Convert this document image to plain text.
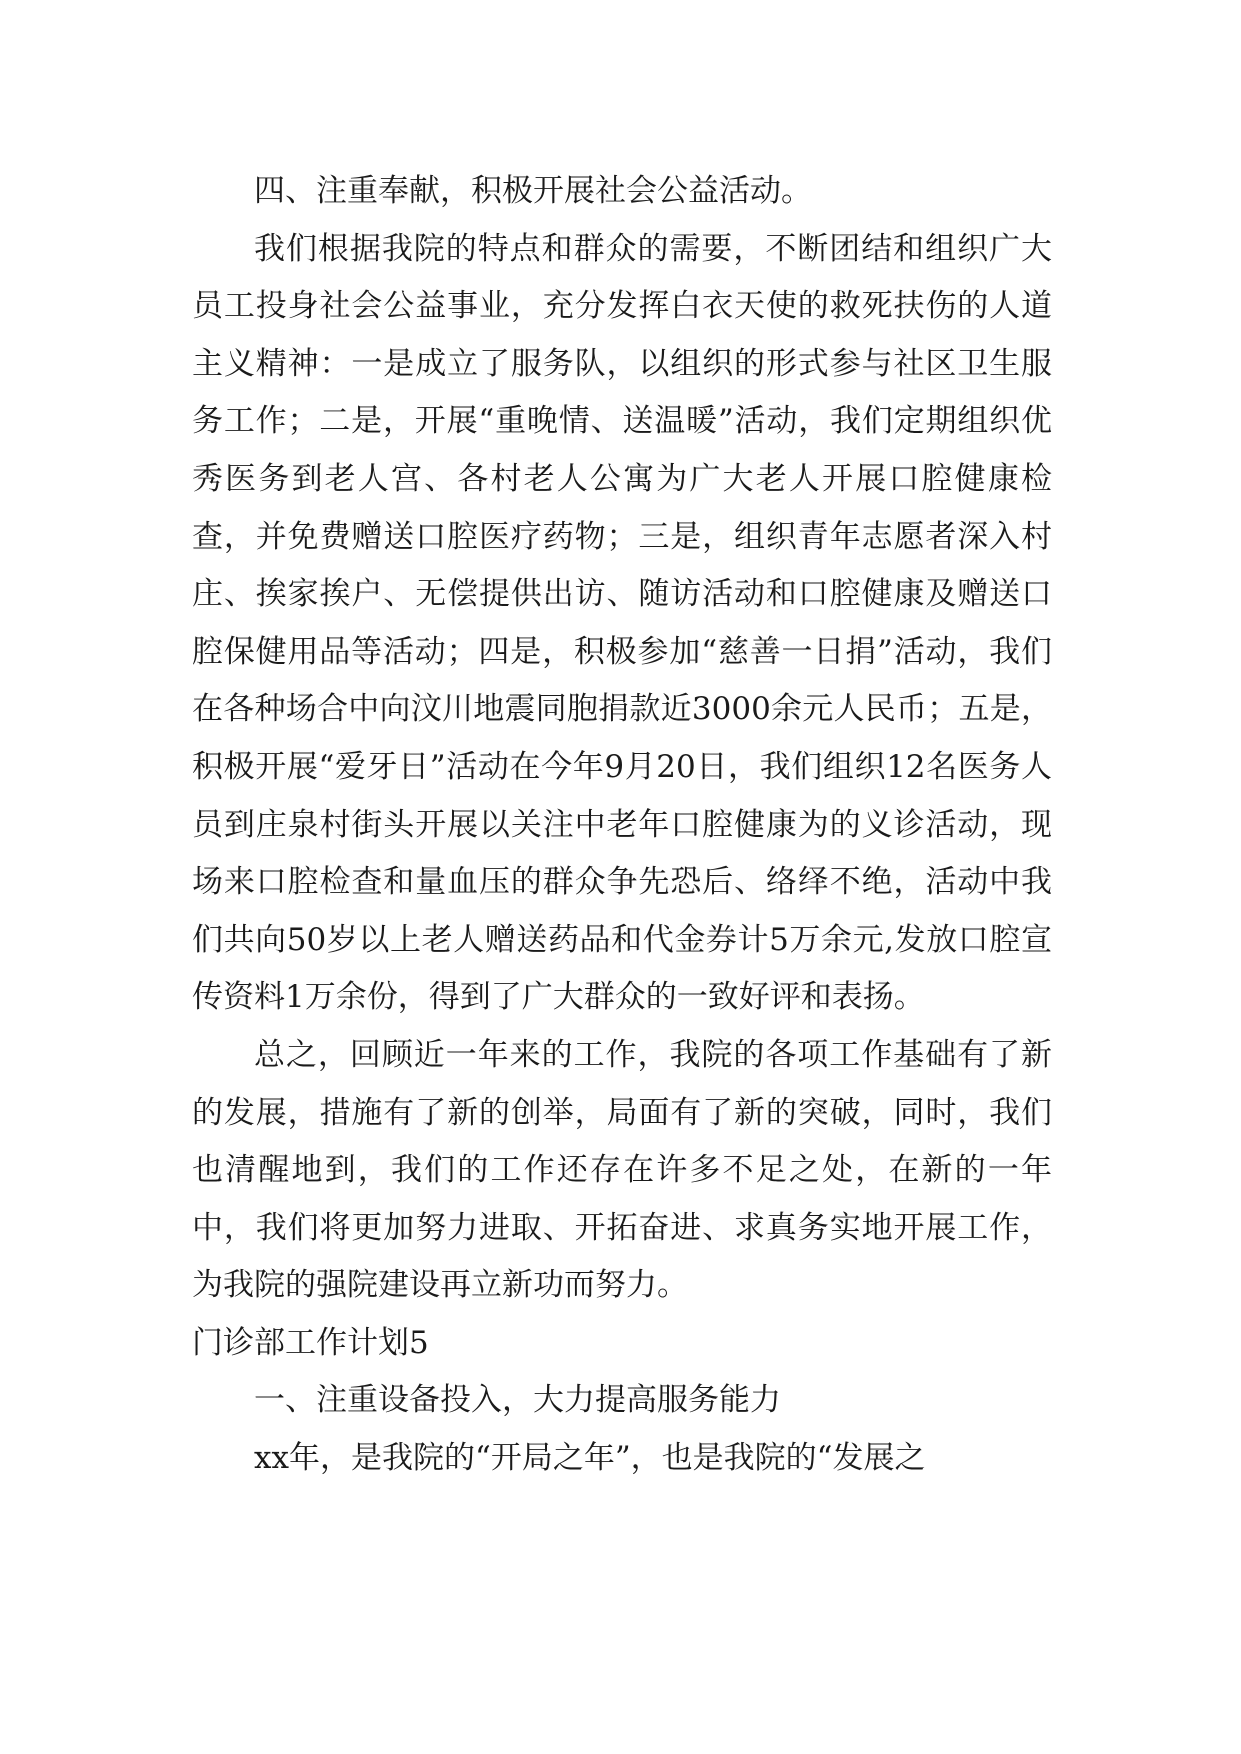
四、注重奉献，积极开展社会公益活动。

我们根据我院的特点和群众的需要，不断团结和组织广大员工投身社会公益事业，充分发挥白衣天使的救死扶伤的人道主义精神：一是成立了服务队，以组织的形式参与社区卫生服务工作；二是，开展“重晚情、送温暖”活动，我们定期组织优秀医务到老人宫、各村老人公寓为广大老人开展口腔健康检查，并免费赠送口腔医疗药物；三是，组织青年志愿者深入村庄、挨家挨户、无偿提供出访、随访活动和口腔健康及赠送口腔保健用品等活动；四是，积极参加“慈善一日捐”活动，我们在各种场合中向汶川地震同胞捐款近3000余元人民币；五是，积极开展“爱牙日”活动在今年9月20日，我们组织12名医务人员到庄泉村街头开展以关注中老年口腔健康为的义诊活动，现场来口腔检查和量血压的群众争先恐后、络绎不绝，活动中我们共向50岁以上老人赠送药品和代金券计5万余元,发放口腔宣传资料1万余份，得到了广大群众的一致好评和表扬。

总之，回顾近一年来的工作，我院的各项工作基础有了新的发展，措施有了新的创举，局面有了新的突破，同时，我们也清醒地到，我们的工作还存在许多不足之处，在新的一年中，我们将更加努力进取、开拓奋进、求真务实地开展工作，为我院的强院建设再立新功而努力。

门诊部工作计划5

一、注重设备投入，大力提高服务能力

xx年，是我院的“开局之年”，也是我院的“发展之
